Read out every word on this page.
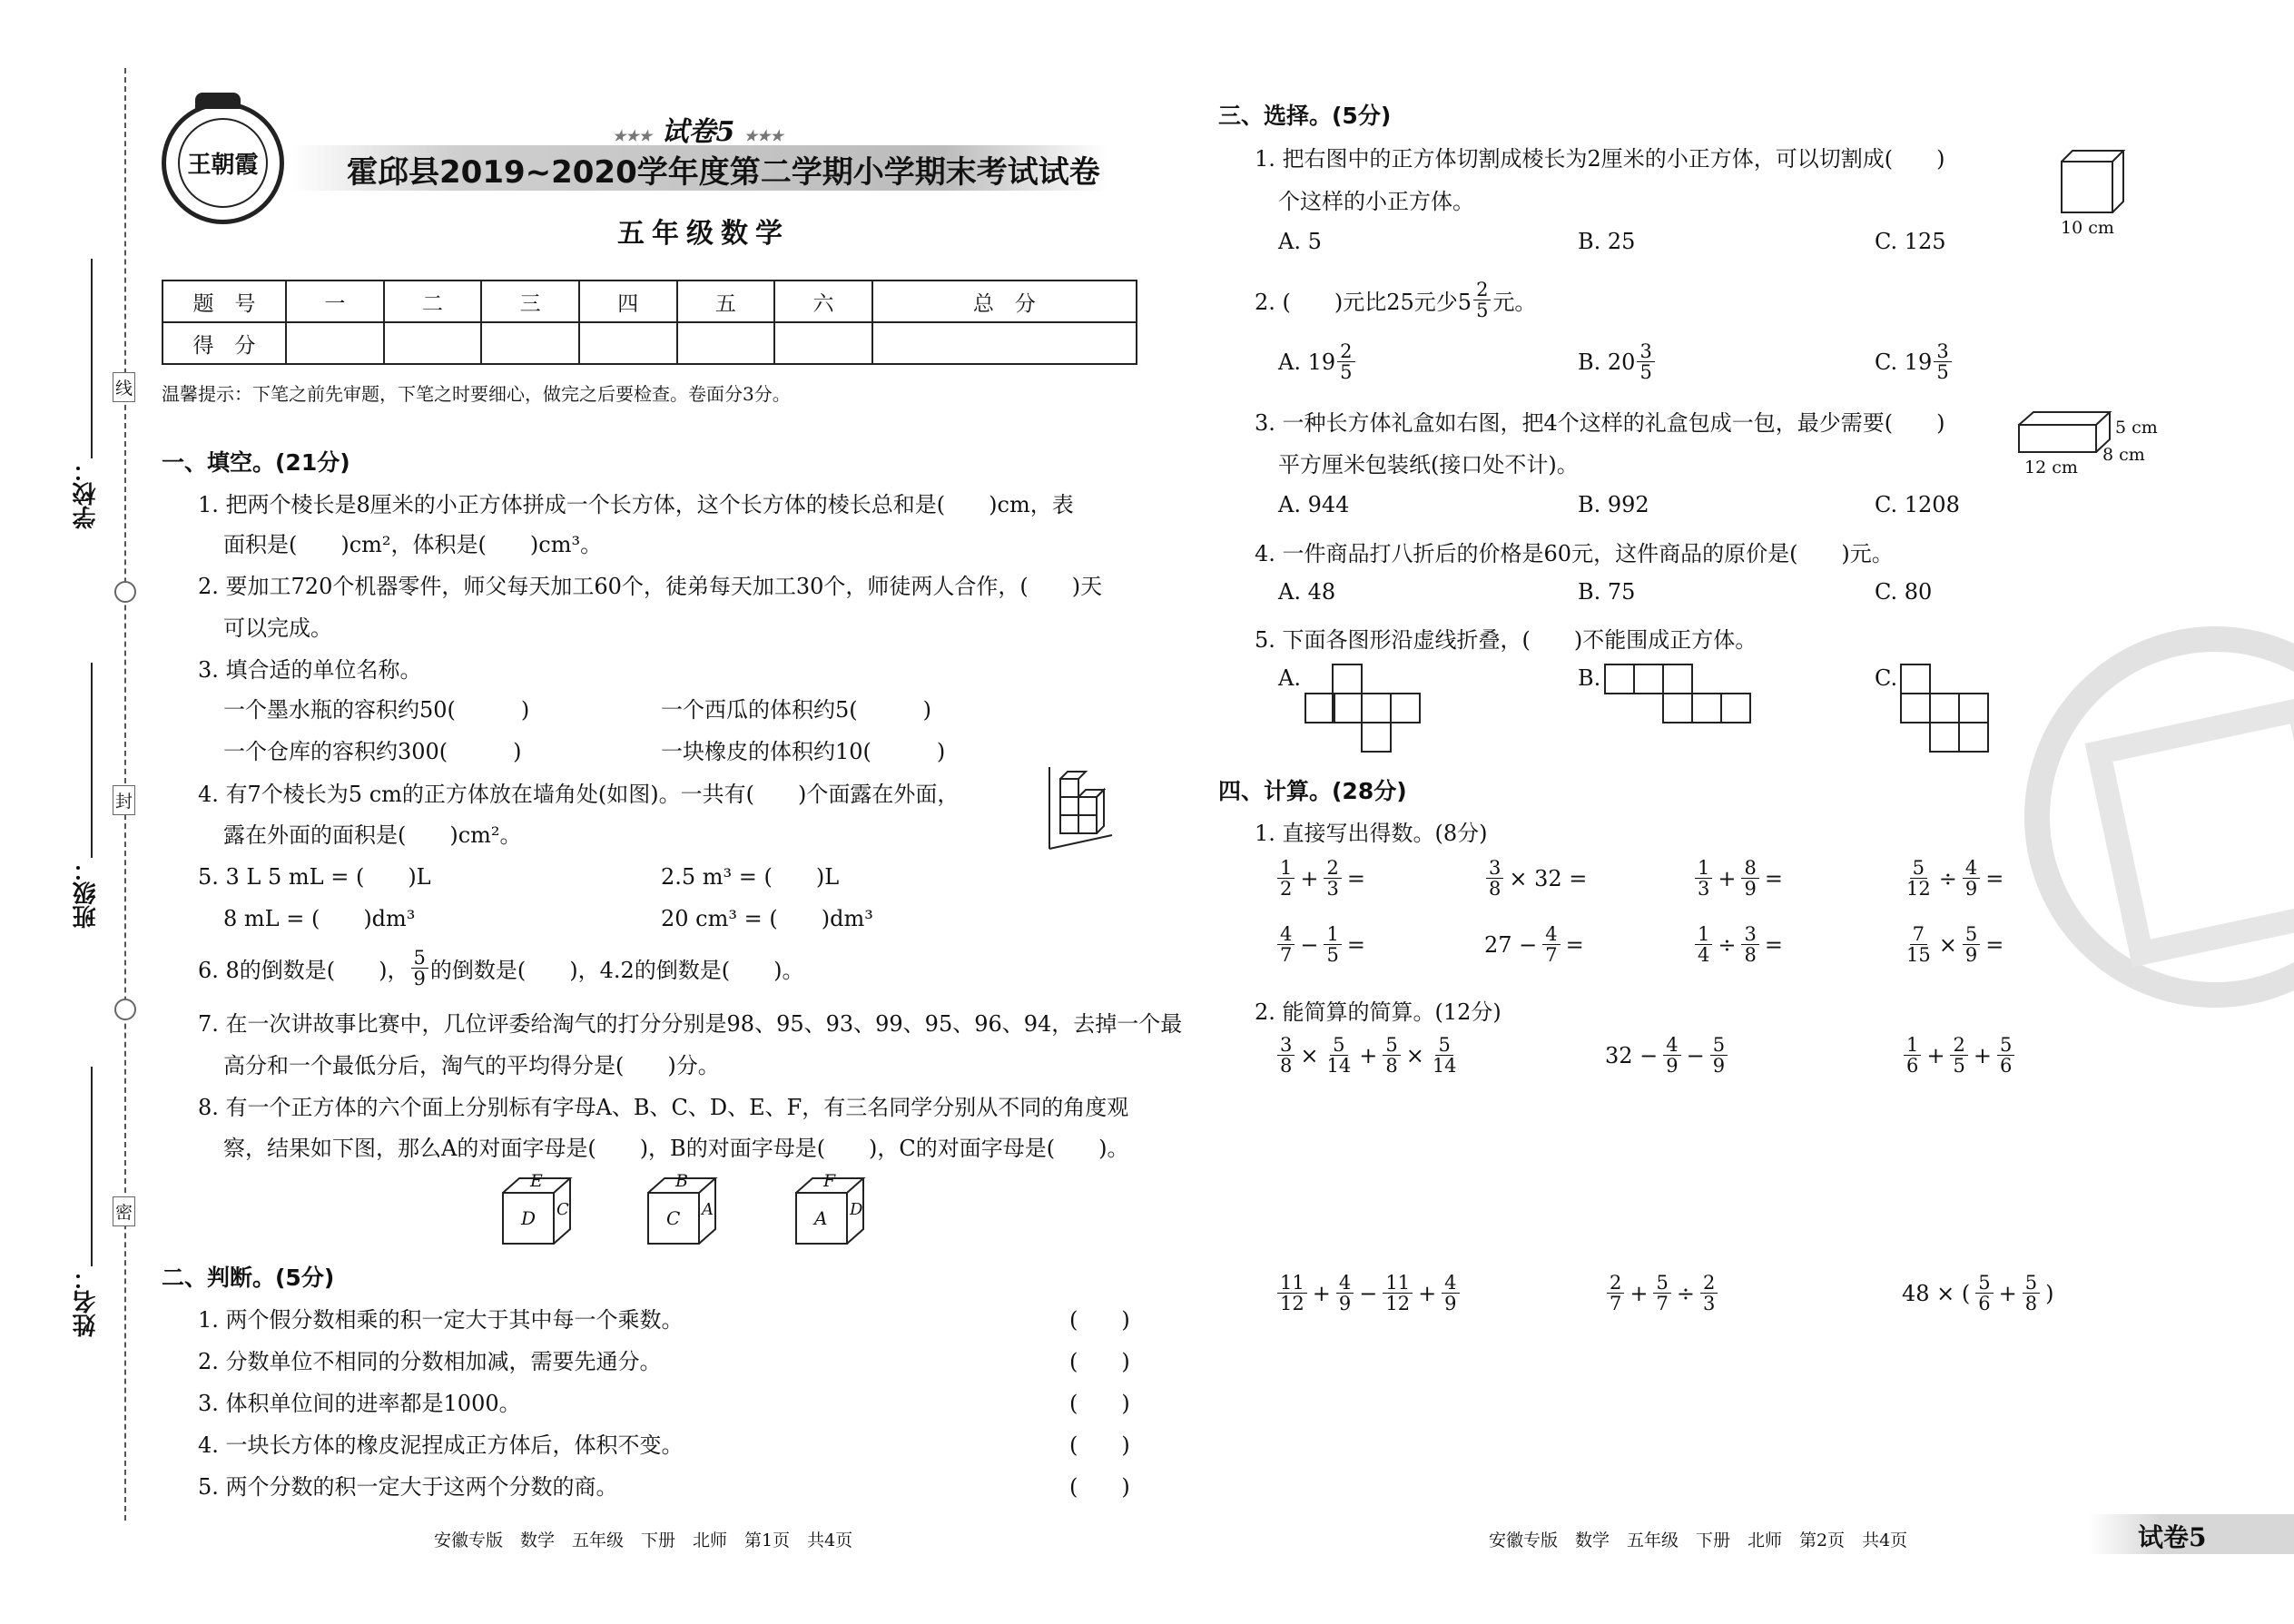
学校：
班级：
姓名：
线
封
密
王朝霞
★★★ 试卷5 ★★★
霍邱县2019~2020学年度第二学期小学期末考试试卷
五年级数学
题　号	一	二	三	四	五	六	总　分
得　分							
温馨提示：下笔之前先审题，下笔之时要细心，做完之后要检查。卷面分3分。
一、填空。(21分)
1. 把两个棱长是8厘米的小正方体拼成一个长方体，这个长方体的棱长总和是(　　)cm，表
面积是(　　)cm²，体积是(　　)cm³。
2. 要加工720个机器零件，师父每天加工60个，徒弟每天加工30个，师徒两人合作，(　　)天
可以完成。
3. 填合适的单位名称。
一个墨水瓶的容积约50(　　　)	一个西瓜的体积约5(　　　)
一个仓库的容积约300(　　　)	一块橡皮的体积约10(　　　)
4. 有7个棱长为5 cm的正方体放在墙角处(如图)。一共有(　　)个面露在外面，
露在外面的面积是(　　)cm²。
5. 3 L 5 mL = (　　)L	2.5 m³ = (　　)L
8 mL = (　　)dm³	20 cm³ = (　　)dm³
6. 8的倒数是(　　)， $\frac{5}{9}$ 的倒数是(　　)，4.2的倒数是(　　)。
7. 在一次讲故事比赛中，几位评委给淘气的打分分别是98、95、93、99、95、96、94，去掉一个最
高分和一个最低分后，淘气的平均得分是(　　)分。
8. 有一个正方体的六个面上分别标有字母A、B、C、D、E、F，有三名同学分别从不同的角度观
察，结果如下图，那么A的对面字母是(　　)，B的对面字母是(　　)，C的对面字母是(　　)。
E
D C
B
C A
F
A D
二、判断。(5分)
1. 两个假分数相乘的积一定大于其中每一个乘数。	(　　)
2. 分数单位不相同的分数相加减，需要先通分。	(　　)
3. 体积单位间的进率都是1000。	(　　)
4. 一块长方体的橡皮泥捏成正方体后，体积不变。	(　　)
5. 两个分数的积一定大于这两个分数的商。	(　　)
三、选择。(5分)
1. 把右图中的正方体切割成棱长为2厘米的小正方体，可以切割成(　　)
个这样的小正方体。
A. 5	B. 25	C. 125
10 cm
2. (　　)元比25元少$5 \frac{2}{5}$ 元。
A. $19 \frac{2}{5}$	B. $20 \frac{3}{5}$	C. $19 \frac{3}{5}$
3. 一种长方体礼盒如右图，把4个这样的礼盒包成一包，最少需要(　　)
平方厘米包装纸(接口处不计)。
5 cm
8 cm
12 cm
A. 944	B. 992	C. 1208
4. 一件商品打八折后的价格是60元，这件商品的原价是(　　)元。
A. 48	B. 75	C. 80
5. 下面各图形沿虚线折叠，(　　)不能围成正方体。
A.	B.	C.
四、计算。(28分)
1. 直接写出得数。(8分)
2. 能简算的简算。(12分)
$\frac{1}{2} + \frac{2}{3}$ =	$\frac{3}{8} \times 32$ =	$\frac{1}{3} + \frac{8}{9}$ =	$\frac{5}{12} \div \frac{4}{9}$ =
$\frac{4}{7} - \frac{1}{5}$ =	$27 - \frac{4}{7}$ =	$\frac{1}{4} \div \frac{3}{8}$ =	$\frac{7}{15} \times \frac{5}{9}$ =
$\frac{3}{8} \times \frac{5}{14} + \frac{5}{8} \times \frac{5}{14}$	$32 - \frac{4}{9} - \frac{5}{9}$	$\frac{1}{6} + \frac{2}{5} + \frac{5}{6}$
$\frac{11}{12} + \frac{4}{9} - \frac{11}{12} + \frac{4}{9}$	$\frac{2}{7} + \frac{5}{7} \div \frac{2}{3}$	48 × ( $\frac{5}{6} + \frac{5}{8}$ )
安徽专版　数学　五年级　下册　北师　第1页　共4页	安徽专版　数学　五年级　下册　北师　第2页　共4页	试卷5
